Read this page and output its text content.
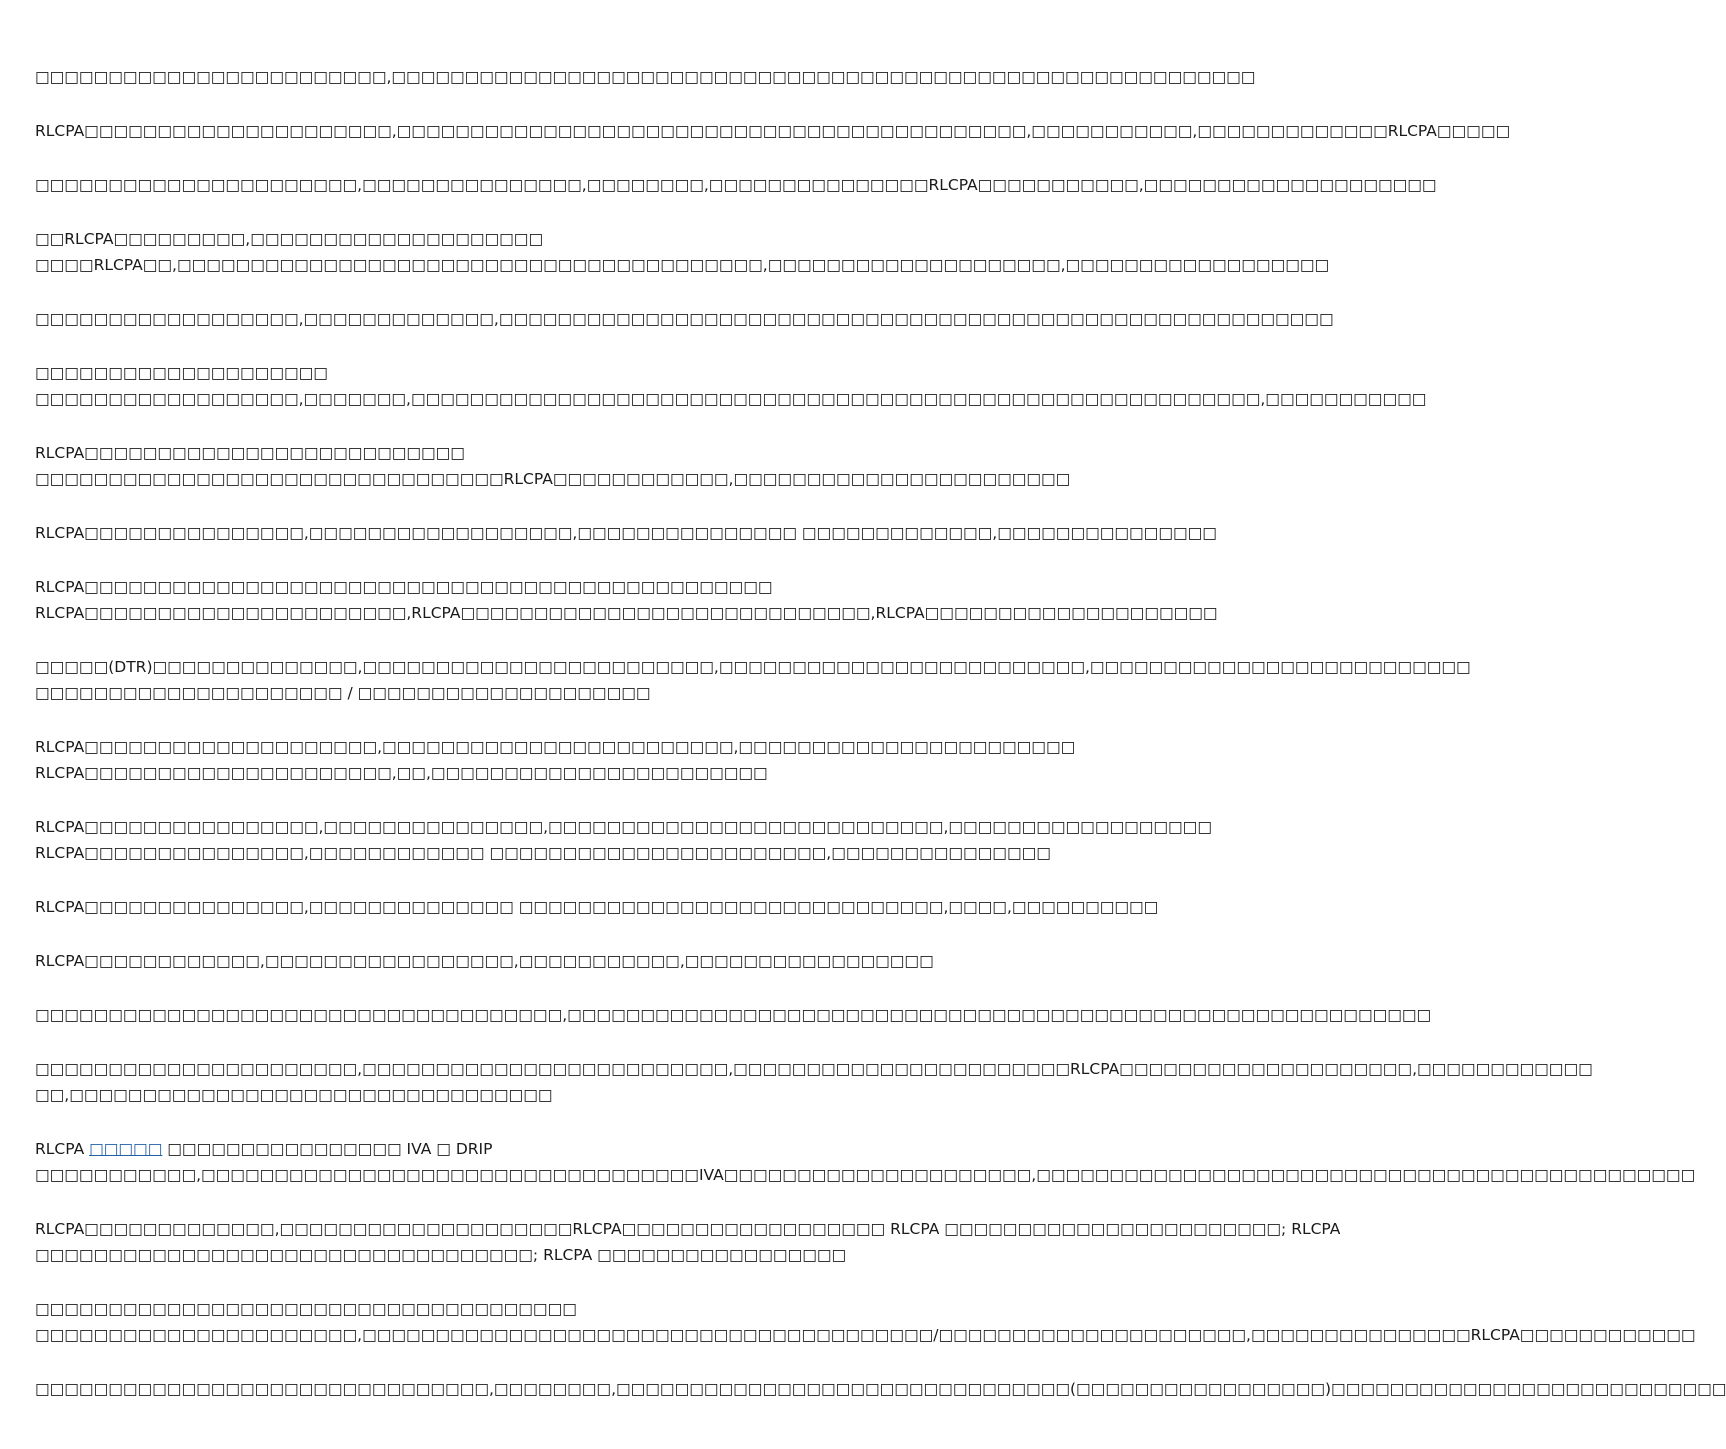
□□□□□□□□□□□□□□□□□□□□□□□□,□□□□□□□□□□□□□□□□□□□□□□□□□□□□□□□□□□□□□□□□□□□□□□□□□□□□□□□□□□□

RLCPA□□□□□□□□□□□□□□□□□□□□□,□□□□□□□□□□□□□□□□□□□□□□□□□□□□□□□□□□□□□□□□□□□,□□□□□□□□□□□,□□□□□□□□□□□□□RLCPA□□□□□

□□□□□□□□□□□□□□□□□□□□□□,□□□□□□□□□□□□□□□,□□□□□□□□,□□□□□□□□□□□□□□□RLCPA□□□□□□□□□□□,□□□□□□□□□□□□□□□□□□□□

□□RLCPA□□□□□□□□□,□□□□□□□□□□□□□□□□□□□□
□□□□RLCPA□□,□□□□□□□□□□□□□□□□□□□□□□□□□□□□□□□□□□□□□□□□,□□□□□□□□□□□□□□□□□□□□,□□□□□□□□□□□□□□□□□□

□□□□□□□□□□□□□□□□□□,□□□□□□□□□□□□□,□□□□□□□□□□□□□□□□□□□□□□□□□□□□□□□□□□□□□□□□□□□□□□□□□□□□□□□□□

□□□□□□□□□□□□□□□□□□□□
□□□□□□□□□□□□□□□□□□,□□□□□□□,□□□□□□□□□□□□□□□□□□□□□□□□□□□□□□□□□□□□□□□□□□□□□□□□□□□□□□□□□□,□□□□□□□□□□□

RLCPA□□□□□□□□□□□□□□□□□□□□□□□□□□
□□□□□□□□□□□□□□□□□□□□□□□□□□□□□□□□RLCPA□□□□□□□□□□□□,□□□□□□□□□□□□□□□□□□□□□□□

RLCPA□□□□□□□□□□□□□□□,□□□□□□□□□□□□□□□□□□,□□□□□□□□□□□□□□□ □□□□□□□□□□□□□,□□□□□□□□□□□□□□□

RLCPA□□□□□□□□□□□□□□□□□□□□□□□□□□□□□□□□□□□□□□□□□□□□□□□
RLCPA□□□□□□□□□□□□□□□□□□□□□□,RLCPA□□□□□□□□□□□□□□□□□□□□□□□□□□□□,RLCPA□□□□□□□□□□□□□□□□□□□□

□□□□□(DTR)□□□□□□□□□□□□□□,□□□□□□□□□□□□□□□□□□□□□□□□,□□□□□□□□□□□□□□□□□□□□□□□□□,□□□□□□□□□□□□□□□□□□□□□□□□□□
□□□□□□□□□□□□□□□□□□□□□ / □□□□□□□□□□□□□□□□□□□□

RLCPA□□□□□□□□□□□□□□□□□□□□,□□□□□□□□□□□□□□□□□□□□□□□□,□□□□□□□□□□□□□□□□□□□□□□□
RLCPA□□□□□□□□□□□□□□□□□□□□□,□□,□□□□□□□□□□□□□□□□□□□□□□□

RLCPA□□□□□□□□□□□□□□□□,□□□□□□□□□□□□□□□,□□□□□□□□□□□□□□□□□□□□□□□□□□□,□□□□□□□□□□□□□□□□□□
RLCPA□□□□□□□□□□□□□□□,□□□□□□□□□□□□ □□□□□□□□□□□□□□□□□□□□□□□,□□□□□□□□□□□□□□□

RLCPA□□□□□□□□□□□□□□□,□□□□□□□□□□□□□□ □□□□□□□□□□□□□□□□□□□□□□□□□□□□□,□□□□,□□□□□□□□□□

RLCPA□□□□□□□□□□□□,□□□□□□□□□□□□□□□□□,□□□□□□□□□□□,□□□□□□□□□□□□□□□□□

□□□□□□□□□□□□□□□□□□□□□□□□□□□□□□□□□□□□,□□□□□□□□□□□□□□□□□□□□□□□□□□□□□□□□□□□□□□□□□□□□□□□□□□□□□□□□□□□

□□□□□□□□□□□□□□□□□□□□□□,□□□□□□□□□□□□□□□□□□□□□□□□□,□□□□□□□□□□□□□□□□□□□□□□□RLCPA□□□□□□□□□□□□□□□□□□□□,□□□□□□□□□□□□
□□,□□□□□□□□□□□□□□□□□□□□□□□□□□□□□□□□□

RLCPA □□□□□ □□□□□□□□□□□□□□□□ IVA □ DRIP
□□□□□□□□□□□,□□□□□□□□□□□□□□□□□□□□□□□□□□□□□□□□□□IVA□□□□□□□□□□□□□□□□□□□□□,□□□□□□□□□□□□□□□□□□□□□□□□□□□□□□□□□□□□□□□□□□□□□

RLCPA□□□□□□□□□□□□□,□□□□□□□□□□□□□□□□□□□□RLCPA□□□□□□□□□□□□□□□□□□ RLCPA □□□□□□□□□□□□□□□□□□□□□□□; RLCPA
□□□□□□□□□□□□□□□□□□□□□□□□□□□□□□□□□□; RLCPA □□□□□□□□□□□□□□□□□

□□□□□□□□□□□□□□□□□□□□□□□□□□□□□□□□□□□□□
□□□□□□□□□□□□□□□□□□□□□□,□□□□□□□□□□□□□□□□□□□□□□□□□□□□□□□□□□□□□□□/□□□□□□□□□□□□□□□□□□□□□,□□□□□□□□□□□□□□□RLCPA□□□□□□□□□□□□

□□□□□□□□□□□□□□□□□□□□□□□□□□□□□□□,□□□□□□□□,□□□□□□□□□□□□□□□□□□□□□□□□□□□□□□□(□□□□□□□□□□□□□□□□□)□□□□□□□□□□□□□□□□□□□□□□□□□□□
